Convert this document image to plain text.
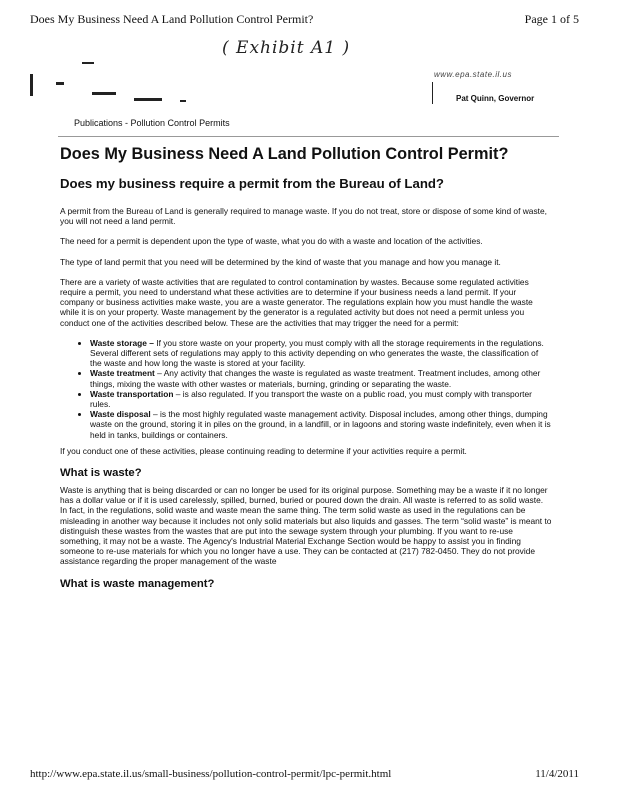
Does My Business Need A Land Pollution Control Permit?	Page 1 of 5
( Exhibit A1 )
www.epa.state.il.us
Pat Quinn, Governor
Publications - Pollution Control Permits
Does My Business Need A Land Pollution Control Permit?
Does my business require a permit from the Bureau of Land?

A permit from the Bureau of Land is generally required to manage waste. If you do not treat, store or dispose of some kind of waste, you will not need a land permit.

The need for a permit is dependent upon the type of waste, what you do with a waste and location of the activities.

The type of land permit that you need will be determined by the kind of waste that you manage and how you manage it.

There are a variety of waste activities that are regulated to control contamination by wastes. Because some regulated activities require a permit, you need to understand what these activities are to determine if your business needs a land permit. If your company or business activities make waste, you are a waste generator. The regulations explain how you must handle the waste while it is on your property. Waste management by the generator is a regulated activity but does not need a permit unless you conduct one of the activities described below. These are the activities that may trigger the need for a permit:

• Waste storage – If you store waste on your property, you must comply with all the storage requirements in the regulations. Several different sets of regulations may apply to this activity depending on who generates the waste, the classification of the waste and how long the waste is stored at your facility.
• Waste treatment – Any activity that changes the waste is regulated as waste treatment. Treatment includes, among other things, mixing the waste with other wastes or materials, burning, grinding or separating the waste.
• Waste transportation – is also regulated. If you transport the waste on a public road, you must comply with transporter rules.
• Waste disposal – is the most highly regulated waste management activity. Disposal includes, among other things, dumping waste on the ground, storing it in piles on the ground, in a landfill, or in lagoons and storing waste indefinitely, even when it is held in tanks, buildings or containers.

If you conduct one of these activities, please continuing reading to determine if your activities require a permit.

What is waste?

Waste is anything that is being discarded or can no longer be used for its original purpose. Something may be a waste if it no longer has a dollar value or if it is used carelessly, spilled, burned, buried or poured down the drain. All waste is referred to as solid waste. In fact, in the regulations, solid waste and waste mean the same thing. The term solid waste as used in the regulations can be misleading in another way because it includes not only solid materials but also liquids and gasses. The term “solid waste” is meant to distinguish these wastes from the wastes that are put into the sewage system through your plumbing. If you want to re-use something, it may not be a waste. The Agency's Industrial Material Exchange Section would be happy to assist you in finding someone to re-use materials for which you no longer have a use. They can be contacted at (217) 782-0450. They do not provide assistance regarding the proper management of the waste

What is waste management?
http://www.epa.state.il.us/small-business/pollution-control-permit/lpc-permit.html	11/4/2011
